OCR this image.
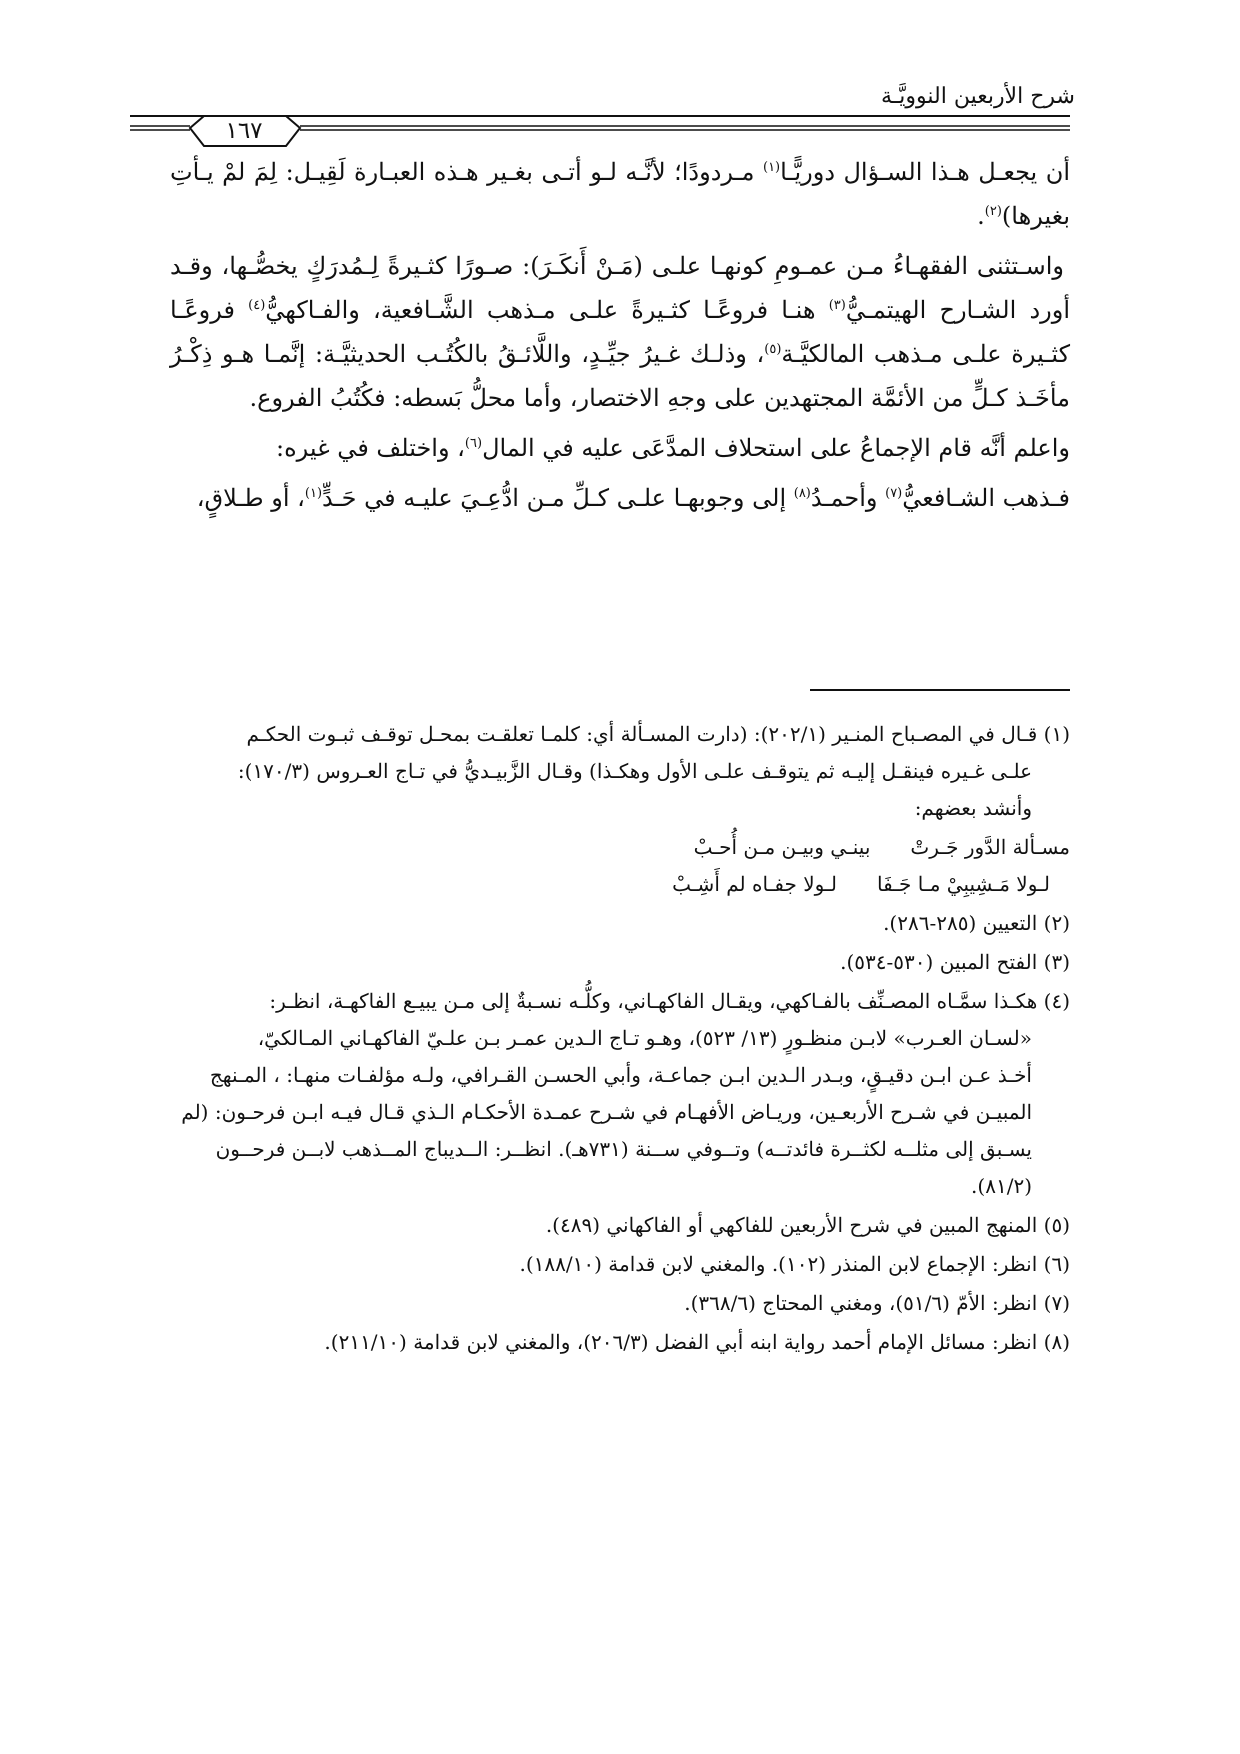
شرح الأربعين النوويَّـة
١٦٧

أن يجعـل هـذا السـؤال دوريًّـا$^{(١)}$ مـردودًا؛ لأنَّـه لـو أتـى بغـير هـذه العبـارة لَقِيـل: لِمَ لمْ يـأتِ بغيرها)$^{(٢)}$.

واسـتثنى الفقهـاءُ مـن عمـومِ كونهـا علـى (مَـنْ أَنكَـرَ): صـورًا كثـيرةً لِـمُدرَكٍ يخصُّـها، وقـد أورد الشـارح الهيتمـيُّ$^{(٣)}$ هنـا فروعًـا كثـيرةً علـى مـذهب الشَّـافعية، والفـاكهيُّ$^{(٤)}$ فروعًـا كثـيرة علـى مـذهب المالكيَّـة$^{(٥)}$، وذلـك غـيرُ جيِّـدٍ، واللَّائـقُ بالكُتُـب الحديثيَّـة: إنَّمـا هـو ذِكْـرُ مأخَـذ كـلٍّ من الأئمَّة المجتهدين على وجهِ الاختصار، وأما محلُّ بَسطه: فكُتُبُ الفروع.

واعلم أنَّه قام الإجماعُ على استحلاف المدَّعَى عليه في المال$^{(٦)}$، واختلف في غيره:

فـذهب الشـافعيُّ$^{(٧)}$ وأحمـدُ$^{(٨)}$ إلى وجوبهـا علـى كـلِّ مـن ادُّعِـيَ عليـه في حَـدٍّ$^{(١)}$، أو طـلاقٍ،

(١) قـال في المصـباح المنـير (٢٠٢/١): (دارت المسـألة أي: كلمـا تعلقـت بمحـل توقـف ثبـوت الحكـم
علـى غـيره فينقـل إليـه ثم يتوقـف علـى الأول وهكـذا) وقـال الزَّبيـديُّ في تـاج العـروس (١٧٠/٣):
وأنشد بعضهم:
مسـألة الدَّور جَـرتْ
بينـي وبيـن مـن أُحـبْ
لـولا مَـشِيبِيْ مـا جَـفَا
لـولا جفـاه لم أَشِـبْ
(٢) التعيين (٢٨٥-٢٨٦).
(٣) الفتح المبين (٥٣٠-٥٣٤).
(٤) هكـذا سمَّـاه المصـنِّف بالفـاكهي، ويقـال الفاكهـاني، وكلُّـه نسـبةٌ إلى مـن يبيـع الفاكهـة، انظـر:
«لسـان العـرب» لابـن منظـورٍ (١٣/ ٥٢٣)، وهـو تـاج الـدين عمـر بـن علـيّ الفاكهـاني المـالكيّ،
أخـذ عـن ابـن دقيـقٍ، وبـدر الـدين ابـن جماعـة، وأبي الحسـن القـرافي، ولـه مؤلفـات منهـا: ، المـنهج
المبيـن في شـرح الأربعـين، وريـاض الأفهـام في شـرح عمـدة الأحكـام الـذي قـال فيـه ابـن فرحـون: (لم
يسـبق إلى مثلــه لكثــرة فائدتــه) وتــوفي ســنة (٧٣١هـ). انظــر: الــديباج المــذهب لابــن فرحــون
(٨١/٢).
(٥) المنهج المبين في شرح الأربعين للفاكهي أو الفاكهاني (٤٨٩).
(٦) انظر: الإجماع لابن المنذر (١٠٢). والمغني لابن قدامة (١٨٨/١٠).
(٧) انظر: الأمّ (٥١/٦)، ومغني المحتاج (٣٦٨/٦).
(٨) انظر: مسائل الإمام أحمد رواية ابنه أبي الفضل (٢٠٦/٣)، والمغني لابن قدامة (٢١١/١٠).
